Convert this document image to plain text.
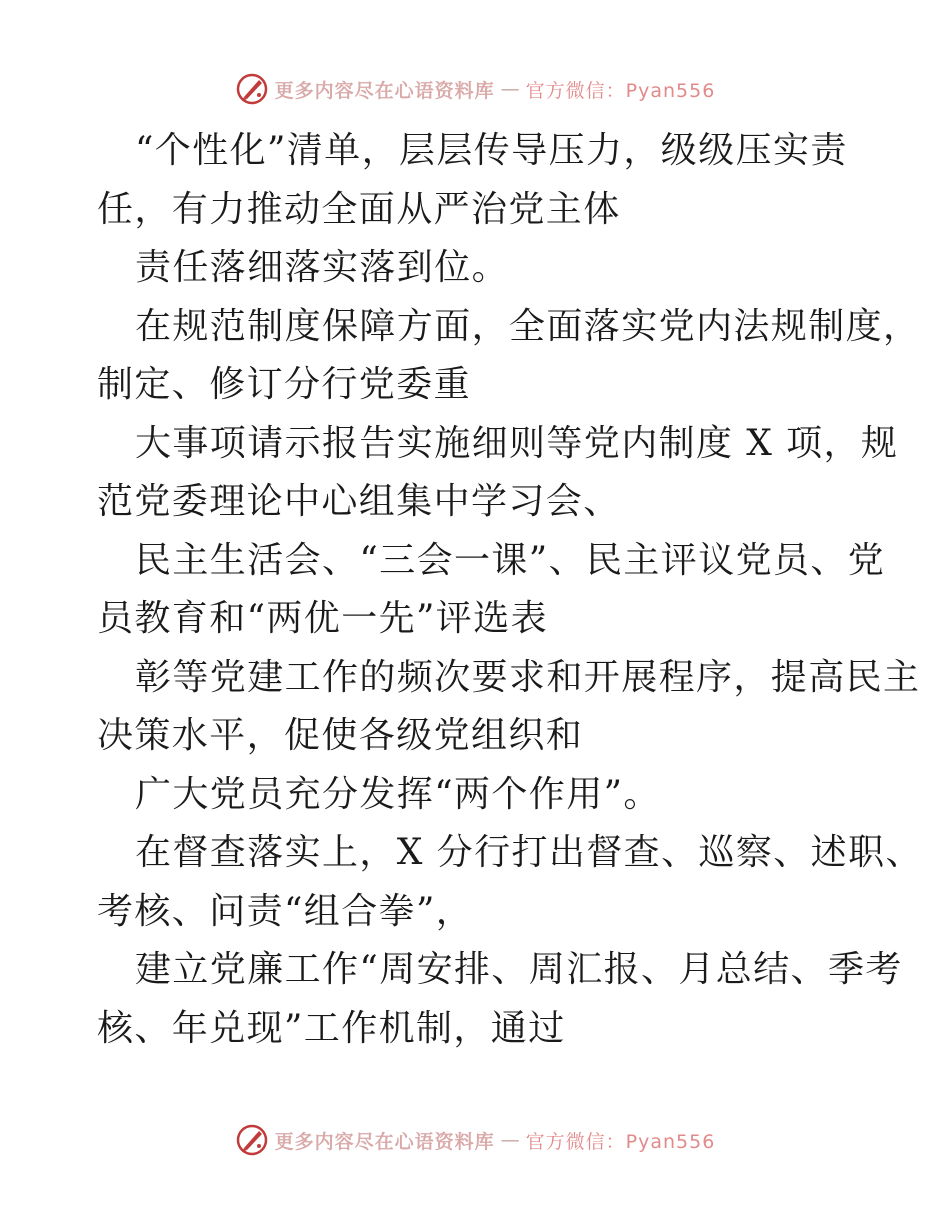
更多内容尽在心语资料库 — 官方微信：Pyan556
“个性化”清单，层层传导压力，级级压实责
任，有力推动全面从严治党主体
责任落细落实落到位。
在规范制度保障方面，全面落实党内法规制度，
制定、修订分行党委重
大事项请示报告实施细则等党内制度 X 项，规
范党委理论中心组集中学习会、
民主生活会、“三会一课”、民主评议党员、党
员教育和“两优一先”评选表
彰等党建工作的频次要求和开展程序，提高民主
决策水平，促使各级党组织和
广大党员充分发挥“两个作用”。
在督查落实上，X 分行打出督查、巡察、述职、
考核、问责“组合拳”，
建立党廉工作“周安排、周汇报、月总结、季考
核、年兑现”工作机制，通过
更多内容尽在心语资料库 — 官方微信：Pyan556
